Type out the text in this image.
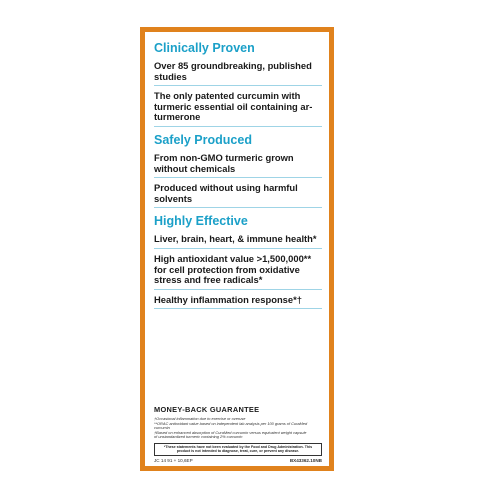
Clinically Proven
Over 85 groundbreaking, published studies
The only patented curcumin with turmeric essential oil containing ar-turmerone
Safely Produced
From non-GMO turmeric grown without chemicals
Produced without using harmful solvents
Highly Effective
Liver, brain, heart, & immune health*
High antioxidant value >1,500,000** for cell protection from oxidative stress and free radicals*
Healthy inflammation response*†
MONEY-BACK GUARANTEE
†Occasional inflammation due to exercise or overuse
**ORAC antioxidant value based on independent lab analysis per 100 grams of CuraMed curcumin
†Based on enhanced absorption of CuraMed curcumin versus equivalent weight capsule
of unstandardized turmeric containing 2% curcumin
*These statements have not been evaluated by the Food and Drug Administration. This product is not intended to diagnose, treat, cure, or prevent any disease.
JC 14 91 + 10,6EP	BX43362.10NB
